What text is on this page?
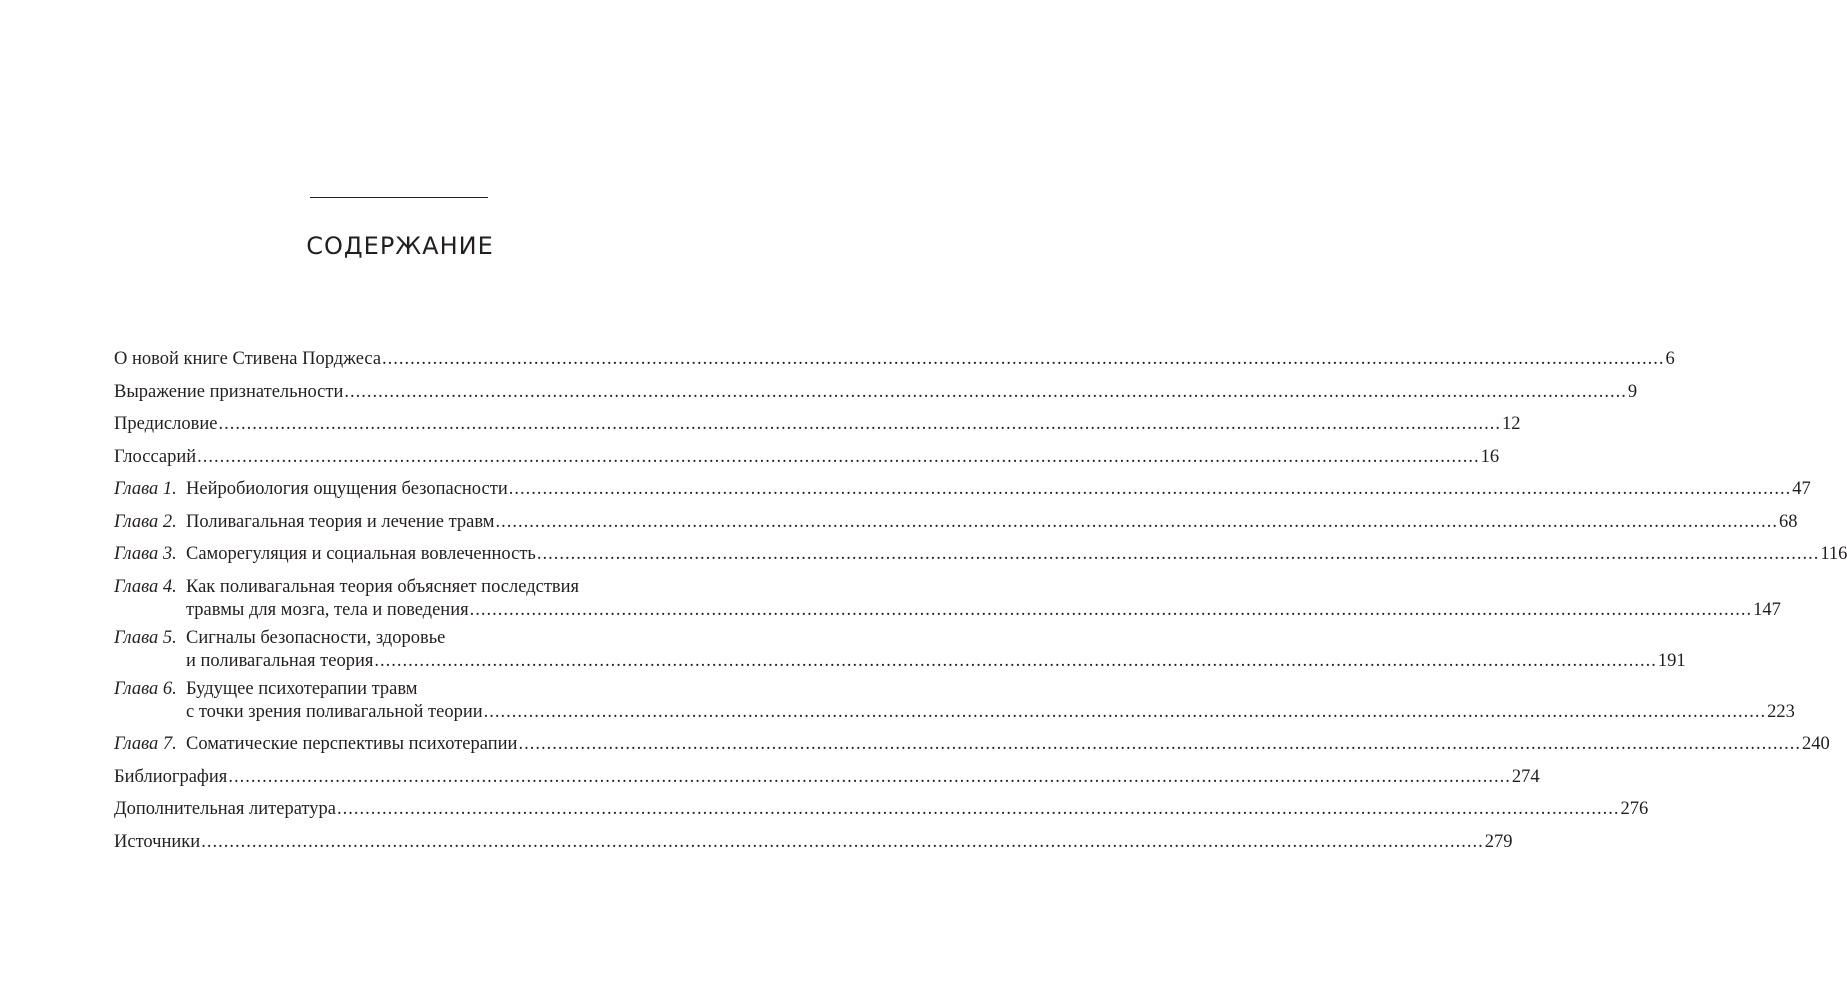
СОДЕРЖАНИЕ
О новой книге Стивена Порджеса .....	6
Выражение признательности .....	9
Предисловие .....	12
Глоссарий .....	16
Глава 1. Нейробиология ощущения безопасности .....	47
Глава 2. Поливагальная теория и лечение травм .....	68
Глава 3. Саморегуляция и социальная вовлеченность .....	116
Глава 4. Как поливагальная теория объясняет последствия
травмы для мозга, тела и поведения .....	147
Глава 5. Сигналы безопасности, здоровье
и поливагальная теория .....	191
Глава 6. Будущее психотерапии травм
с точки зрения поливагальной теории .....	223
Глава 7. Соматические перспективы психотерапии .....	240
Библиография .....	274
Дополнительная литература .....	276
Источники .....	279
